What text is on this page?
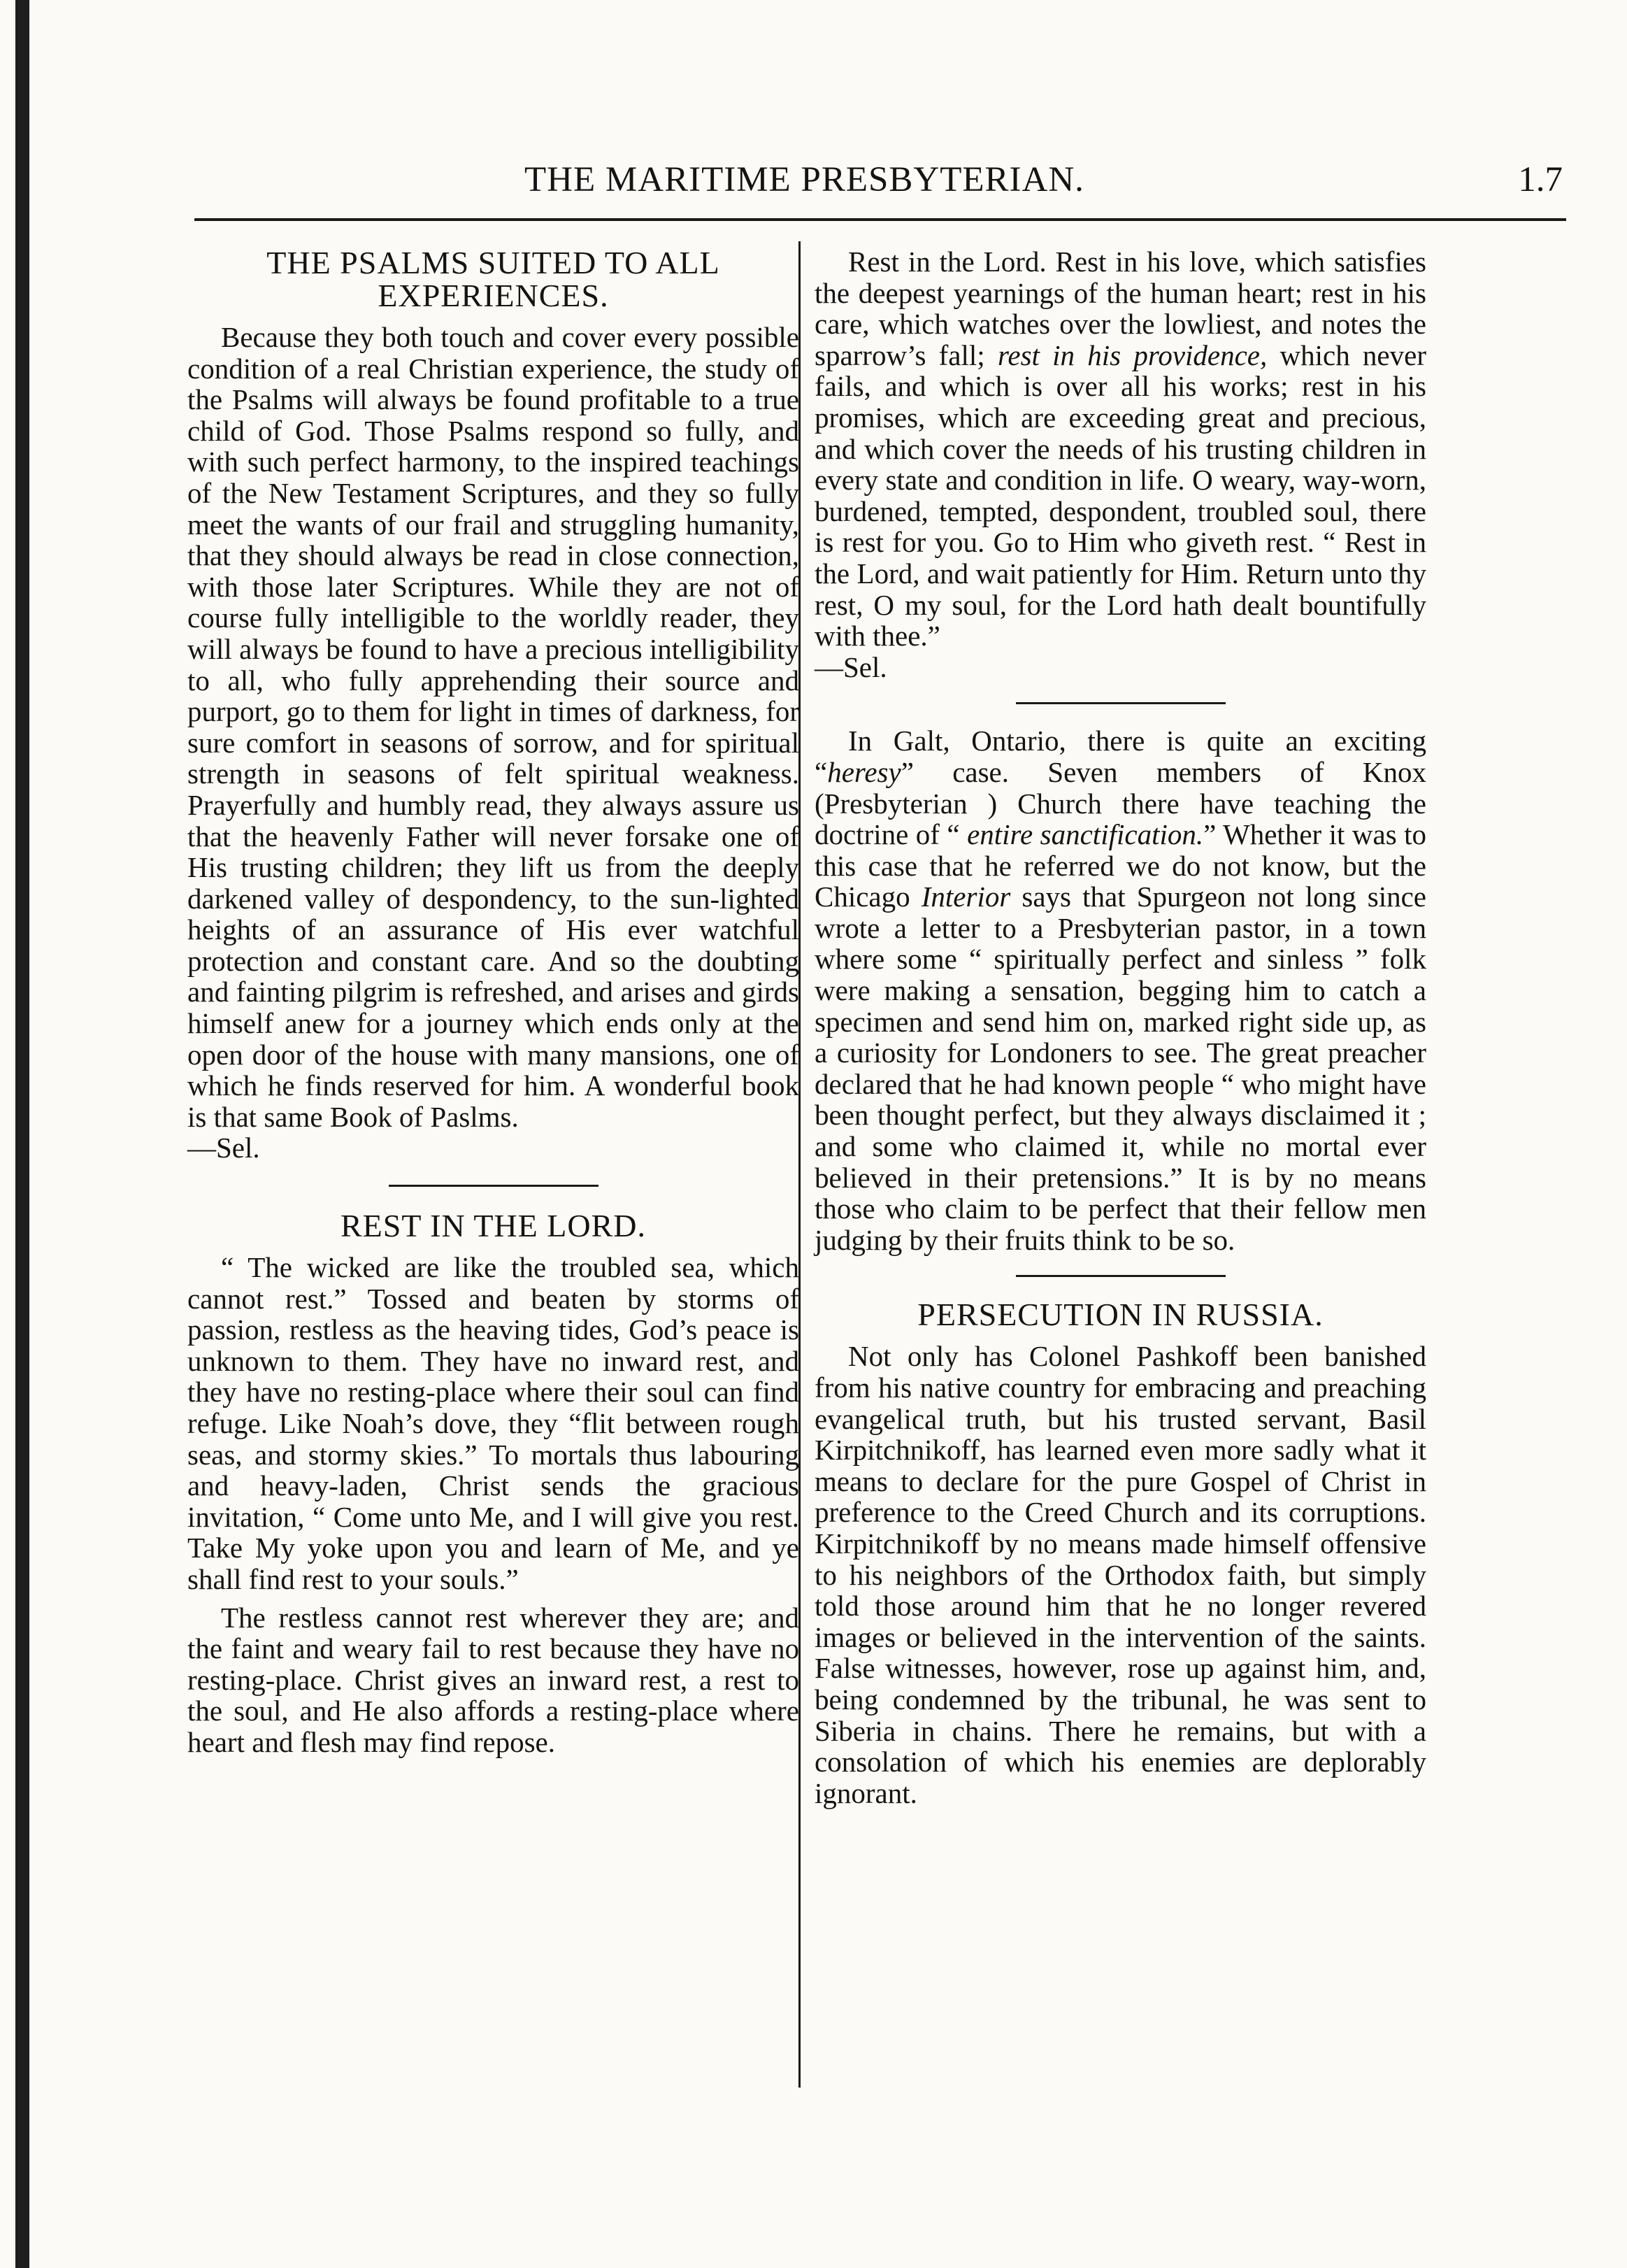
THE MARITIME PRESBYTERIAN.	1.7
THE PSALMS SUITED TO ALL EXPERIENCES.

Because they both touch and cover every possible condition of a real Christian experience, the study of the Psalms will always be found profitable to a true child of God. Those Psalms respond so fully, and with such perfect harmony, to the inspired teachings of the New Testament Scriptures, and they so fully meet the wants of our frail and struggling humanity, that they should always be read in close connection, with those later Scriptures. While they are not of course fully intelligible to the worldly reader, they will always be found to have a precious intelligibility to all, who fully apprehending their source and purport, go to them for light in times of darkness, for sure comfort in seasons of sorrow, and for spiritual strength in seasons of felt spiritual weakness. Prayerfully and humbly read, they always assure us that the heavenly Father will never forsake one of His trusting children; they lift us from the deeply darkened valley of despondency, to the sun-lighted heights of an assurance of His ever watchful protection and constant care. And so the doubting and fainting pilgrim is refreshed, and arises and girds himself anew for a journey which ends only at the open door of the house with many mansions, one of which he finds reserved for him. A wonderful book is that same Book of Paslms.

—Sel.

REST IN THE LORD.

“ The wicked are like the troubled sea, which cannot rest.” Tossed and beaten by storms of passion, restless as the heaving tides, God’s peace is unknown to them. They have no inward rest, and they have no resting-place where their soul can find refuge. Like Noah’s dove, they “flit between rough seas, and stormy skies.” To mortals thus labouring and heavy-laden, Christ sends the gracious invitation, “ Come unto Me, and I will give you rest. Take My yoke upon you and learn of Me, and ye shall find rest to your souls.”

The restless cannot rest wherever they are; and the faint and weary fail to rest because they have no resting-place. Christ gives an inward rest, a rest to the soul, and He also affords a resting-place where heart and flesh may find repose.

Rest in the Lord. Rest in his love, which satisfies the deepest yearnings of the human heart; rest in his care, which watches over the lowliest, and notes the sparrow’s fall; rest in his providence, which never fails, and which is over all his works; rest in his promises, which are exceeding great and precious, and which cover the needs of his trusting children in every state and condition in life. O weary, way-worn, burdened, tempted, despondent, troubled soul, there is rest for you. Go to Him who giveth rest. “ Rest in the Lord, and wait patiently for Him. Return unto thy rest, O my soul, for the Lord hath dealt bountifully with thee.”

—Sel.

In Galt, Ontario, there is quite an exciting “heresy” case. Seven members of Knox (Presbyterian ) Church there have teaching the doctrine of “ entire sanctification.” Whether it was to this case that he referred we do not know, but the Chicago Interior says that Spurgeon not long since wrote a letter to a Presbyterian pastor, in a town where some “ spiritually perfect and sinless ” folk were making a sensation, begging him to catch a specimen and send him on, marked right side up, as a curiosity for Londoners to see. The great preacher declared that he had known people “ who might have been thought perfect, but they always disclaimed it ; and some who claimed it, while no mortal ever believed in their pretensions.” It is by no means those who claim to be perfect that their fellow men judging by their fruits think to be so.

PERSECUTION IN RUSSIA.

Not only has Colonel Pashkoff been banished from his native country for embracing and preaching evangelical truth, but his trusted servant, Basil Kirpitchnikoff, has learned even more sadly what it means to declare for the pure Gospel of Christ in preference to the Creed Church and its corruptions. Kirpitchnikoff by no means made himself offensive to his neighbors of the Orthodox faith, but simply told those around him that he no longer revered images or believed in the intervention of the saints. False witnesses, however, rose up against him, and, being condemned by the tribunal, he was sent to Siberia in chains. There he remains, but with a consolation of which his enemies are deplorably ignorant.
